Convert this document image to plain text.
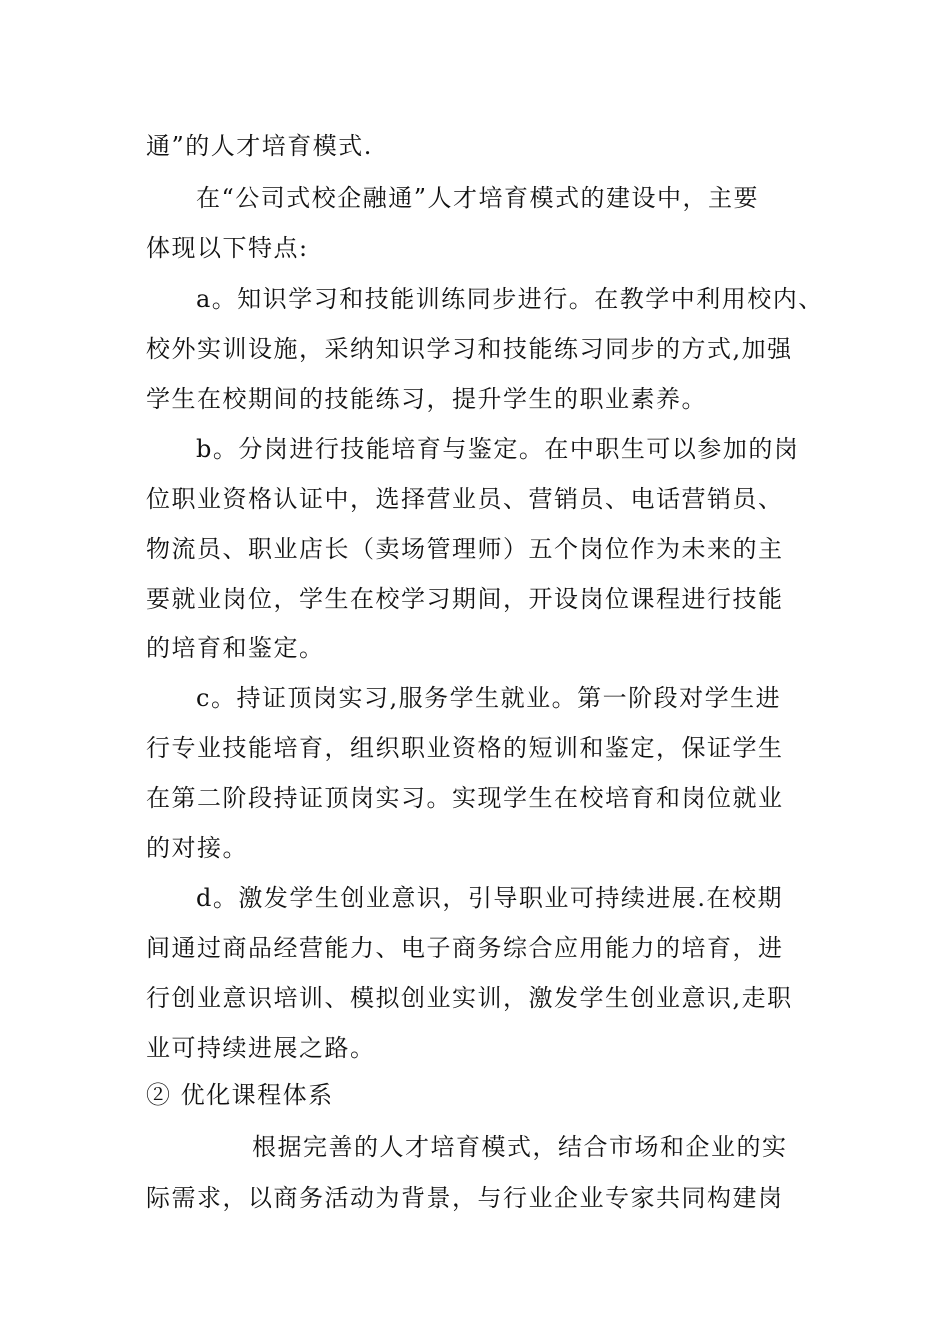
通”的人才培育模式.

在“公司式校企融通”人才培育模式的建设中，主要

体现以下特点:

a。知识学习和技能训练同步进行。在教学中利用校内、

校外实训设施，采纳知识学习和技能练习同步的方式,加强

学生在校期间的技能练习，提升学生的职业素养。

b。分岗进行技能培育与鉴定。在中职生可以参加的岗

位职业资格认证中，选择营业员、营销员、电话营销员、

物流员、职业店长（卖场管理师）五个岗位作为未来的主

要就业岗位，学生在校学习期间，开设岗位课程进行技能

的培育和鉴定。

c。持证顶岗实习,服务学生就业。第一阶段对学生进

行专业技能培育，组织职业资格的短训和鉴定，保证学生

在第二阶段持证顶岗实习。实现学生在校培育和岗位就业

的对接。

d。激发学生创业意识，引导职业可持续进展.在校期

间通过商品经营能力、电子商务综合应用能力的培育，进

行创业意识培训、模拟创业实训，激发学生创业意识,走职

业可持续进展之路。

② 优化课程体系

根据完善的人才培育模式，结合市场和企业的实

际需求，以商务活动为背景，与行业企业专家共同构建岗
